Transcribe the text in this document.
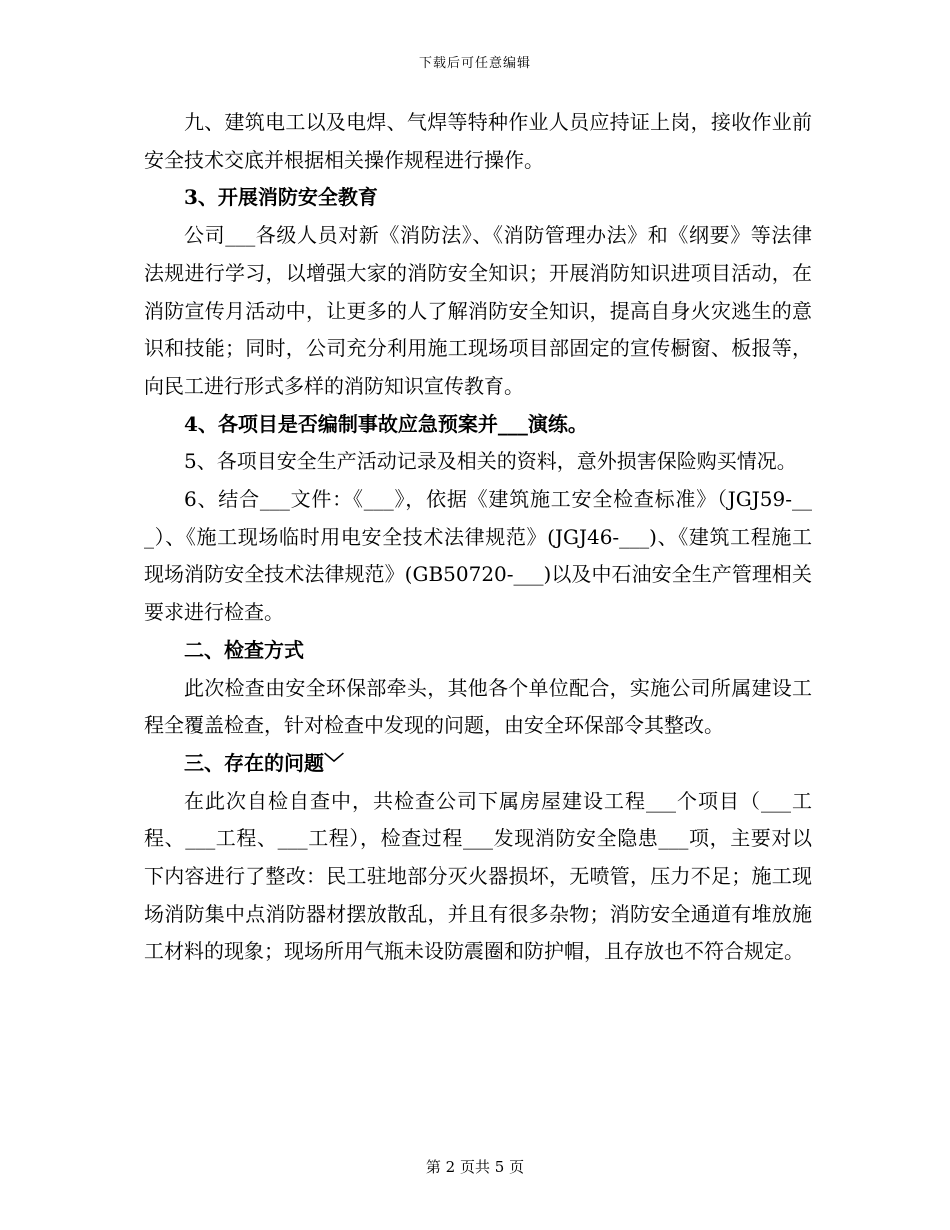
下载后可任意编辑

九、建筑电工以及电焊、气焊等特种作业人员应持证上岗，接收作业前安全技术交底并根据相关操作规程进行操作。

3、开展消防安全教育

公司___各级人员对新《消防法》、《消防管理办法》和《纲要》等法律法规进行学习，以增强大家的消防安全知识；开展消防知识进项目活动，在消防宣传月活动中，让更多的人了解消防安全知识，提高自身火灾逃生的意识和技能；同时，公司充分利用施工现场项目部固定的宣传橱窗、板报等，向民工进行形式多样的消防知识宣传教育。

4、各项目是否编制事故应急预案并___演练。

5、各项目安全生产活动记录及相关的资料，意外损害保险购买情况。

6、结合___文件：《___》，依据《建筑施工安全检查标准》（JGJ59-___）、《施工现场临时用电安全技术法律规范》(JGJ46-___)、《建筑工程施工现场消防安全技术法律规范》(GB50720-___)以及中石油安全生产管理相关要求进行检查。

二、检查方式

此次检查由安全环保部牵头，其他各个单位配合，实施公司所属建设工程全覆盖检查，针对检查中发现的问题，由安全环保部令其整改。

三、存在的问题﹀

在此次自检自查中，共检查公司下属房屋建设工程___个项目（___工程、___工程、___工程），检查过程___发现消防安全隐患___项，主要对以下内容进行了整改：民工驻地部分灭火器损坏，无喷管，压力不足；施工现场消防集中点消防器材摆放散乱，并且有很多杂物；消防安全通道有堆放施工材料的现象；现场所用气瓶未设防震圈和防护帽，且存放也不符合规定。

第 2 页共 5 页
